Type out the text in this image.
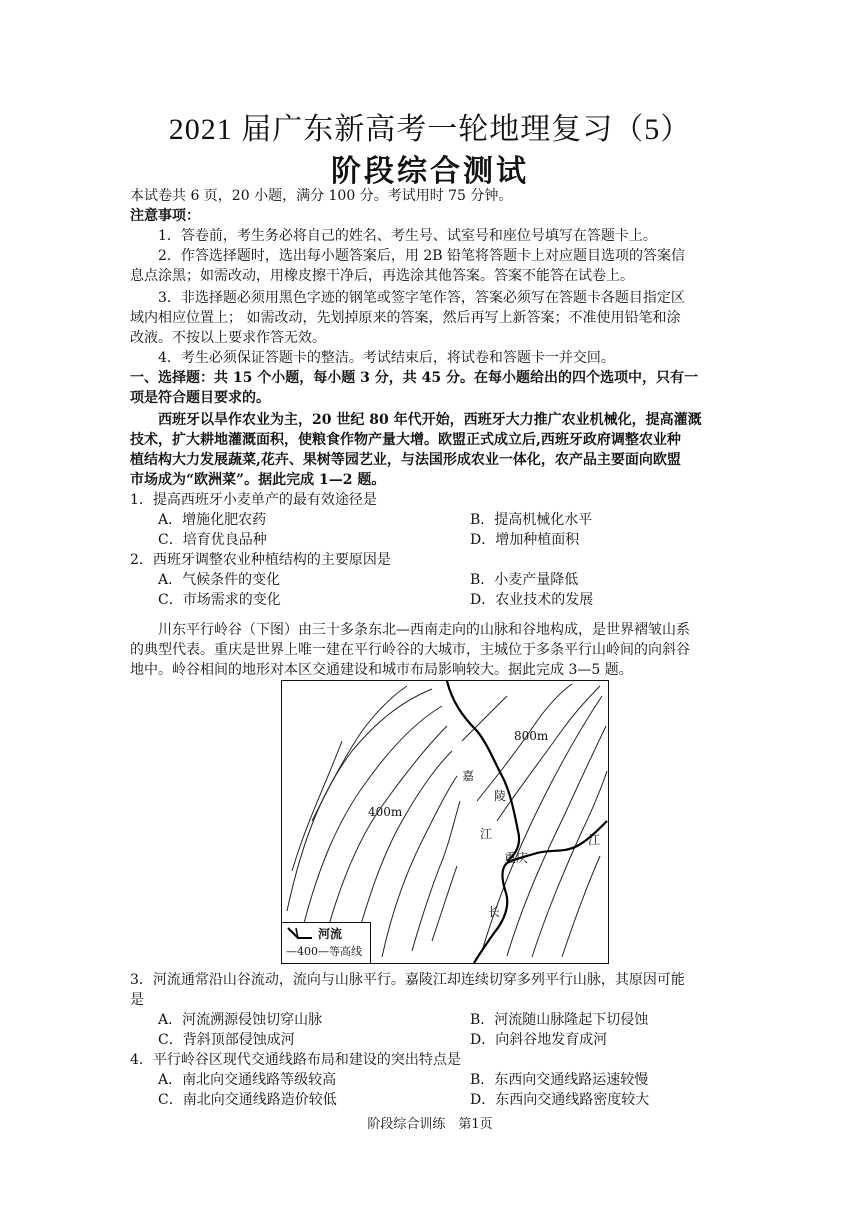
2021 届广东新高考一轮地理复习（5）
阶段综合测试
本试卷共 6 页，20 小题，满分 100 分。考试用时 75 分钟。
注意事项：
1．答卷前，考生务必将自己的姓名、考生号、试室号和座位号填写在答题卡上。
2．作答选择题时，选出每小题答案后，用 2B 铅笔将答题卡上对应题目选项的答案信
息点涂黑；如需改动，用橡皮擦干净后，再选涂其他答案。答案不能答在试卷上。
3．非选择题必须用黑色字迹的钢笔或签字笔作答，答案必须写在答题卡各题目指定区
域内相应位置上； 如需改动，先划掉原来的答案，然后再写上新答案；不准使用铅笔和涂
改液。不按以上要求作答无效。
4．考生必须保证答题卡的整洁。考试结束后，将试卷和答题卡一并交回。
一、选择题：共 15 个小题，每小题 3 分，共 45 分。在每小题给出的四个选项中，只有一
项是符合题目要求的。
西班牙以旱作农业为主，20 世纪 80 年代开始，西班牙大力推广农业机械化，提高灌溉
技术，扩大耕地灌溉面积，使粮食作物产量大增。欧盟正式成立后,西班牙政府调整农业种
植结构大力发展蔬菜,花卉、果树等园艺业，与法国形成农业一体化，农产品主要面向欧盟
市场成为“欧洲菜”。据此完成 1—2 题。
1．提高西班牙小麦单产的最有效途径是
A．增施化肥农药	B．提高机械化水平
C．培育优良品种	D．增加种植面积
2．西班牙调整农业种植结构的主要原因是
A．气候条件的变化	B．小麦产量降低
C．市场需求的变化	D．农业技术的发展
川东平行岭谷（下图）由三十多条东北—西南走向的山脉和谷地构成，是世界褶皱山系
的典型代表。重庆是世界上唯一建在平行岭谷的大城市，主城位于多条平行山岭间的向斜谷
地中。岭谷相间的地形对本区交通建设和城市布局影响较大。据此完成 3—5 题。
800m
400m
嘉
陵
江	江
重庆
长
河流
—400—等高线
3．河流通常沿山谷流动，流向与山脉平行。嘉陵江却连续切穿多列平行山脉，其原因可能
是
A．河流溯源侵蚀切穿山脉	B．河流随山脉隆起下切侵蚀
C．背斜顶部侵蚀成河	D．向斜谷地发育成河
4．平行岭谷区现代交通线路布局和建设的突出特点是
A．南北向交通线路等级较高	B．东西向交通线路运速较慢
C．南北向交通线路造价较低	D．东西向交通线路密度较大
阶段综合训练　第1页
